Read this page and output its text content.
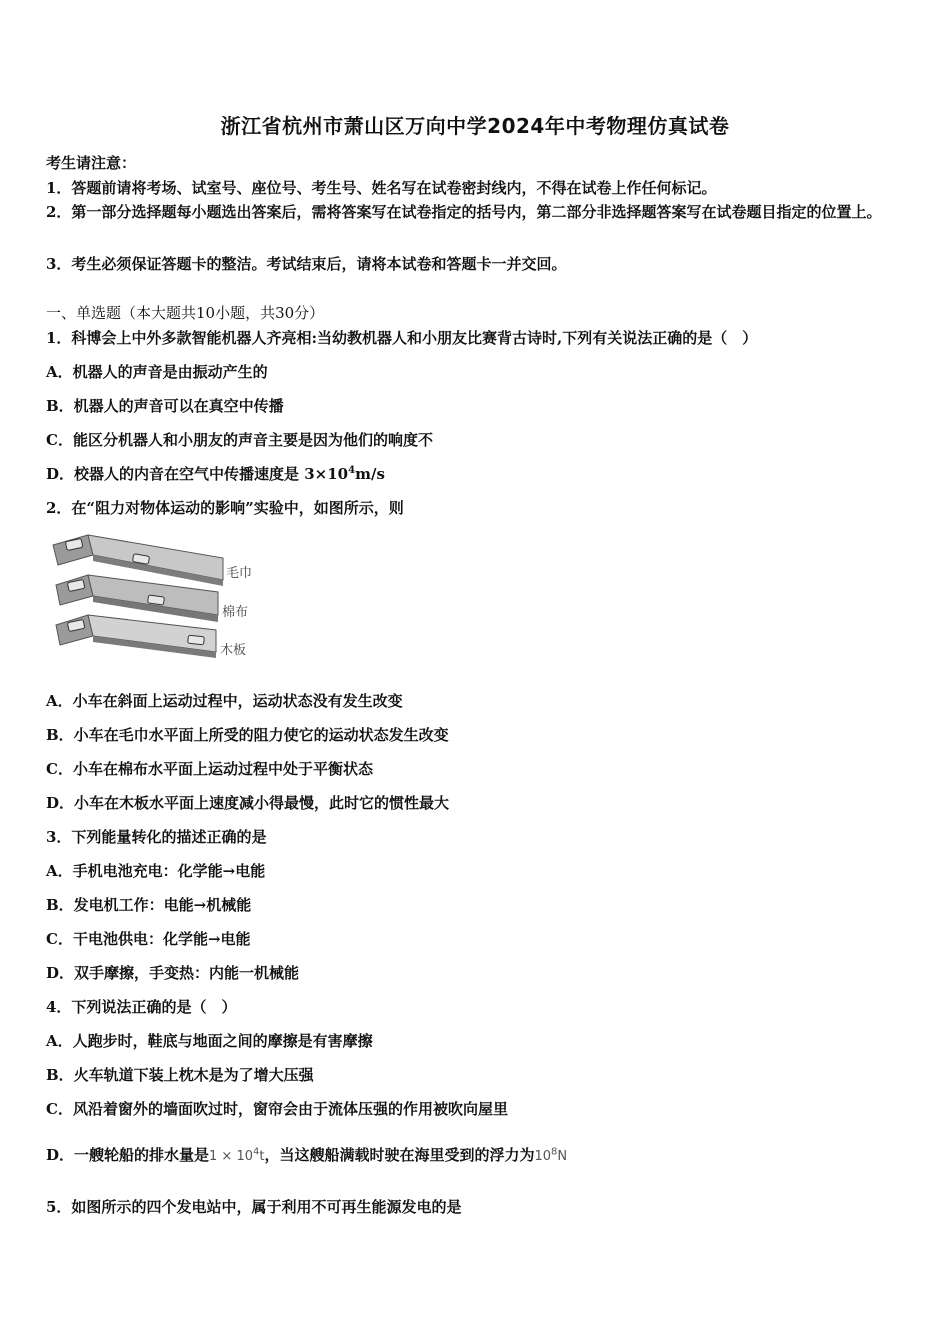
浙江省杭州市萧山区万向中学2024年中考物理仿真试卷
考生请注意：
1．答题前请将考场、试室号、座位号、考生号、姓名写在试卷密封线内，不得在试卷上作任何标记。
2．第一部分选择题每小题选出答案后，需将答案写在试卷指定的括号内，第二部分非选择题答案写在试卷题目指定的位置上。
3．考生必须保证答题卡的整洁。考试结束后，请将本试卷和答题卡一并交回。
一、单选题（本大题共10小题，共30分）
1．科博会上中外多款智能机器人齐亮相:当幼教机器人和小朋友比赛背古诗时,下列有关说法正确的是（　）
A．机器人的声音是由振动产生的
B．机器人的声音可以在真空中传播
C．能区分机器人和小朋友的声音主要是因为他们的响度不
D．校器人的内音在空气中传播速度是 $3\times 10^4m/s$
2．在“阻力对物体运动的影响”实验中，如图所示，则
毛巾
棉布
木板
A．小车在斜面上运动过程中，运动状态没有发生改变
B．小车在毛巾水平面上所受的阻力使它的运动状态发生改变
C．小车在棉布水平面上运动过程中处于平衡状态
D．小车在木板水平面上速度减小得最慢，此时它的惯性最大
3．下列能量转化的描述正确的是
A．手机电池充电：化学能→电能
B．发电机工作：电能→机械能
C．干电池供电：化学能→电能
D．双手摩擦，手变热：内能一机械能
4．下列说法正确的是（　）
A．人跑步时，鞋底与地面之间的摩擦是有害摩擦
B．火车轨道下装上枕木是为了增大压强
C．风沿着窗外的墙面吹过时，窗帘会由于流体压强的作用被吹向屋里
D．一艘轮船的排水量是$1 \times 10^4t$，当这艘船满载时驶在海里受到的浮力为$10^8N$
5．如图所示的四个发电站中，属于利用不可再生能源发电的是
